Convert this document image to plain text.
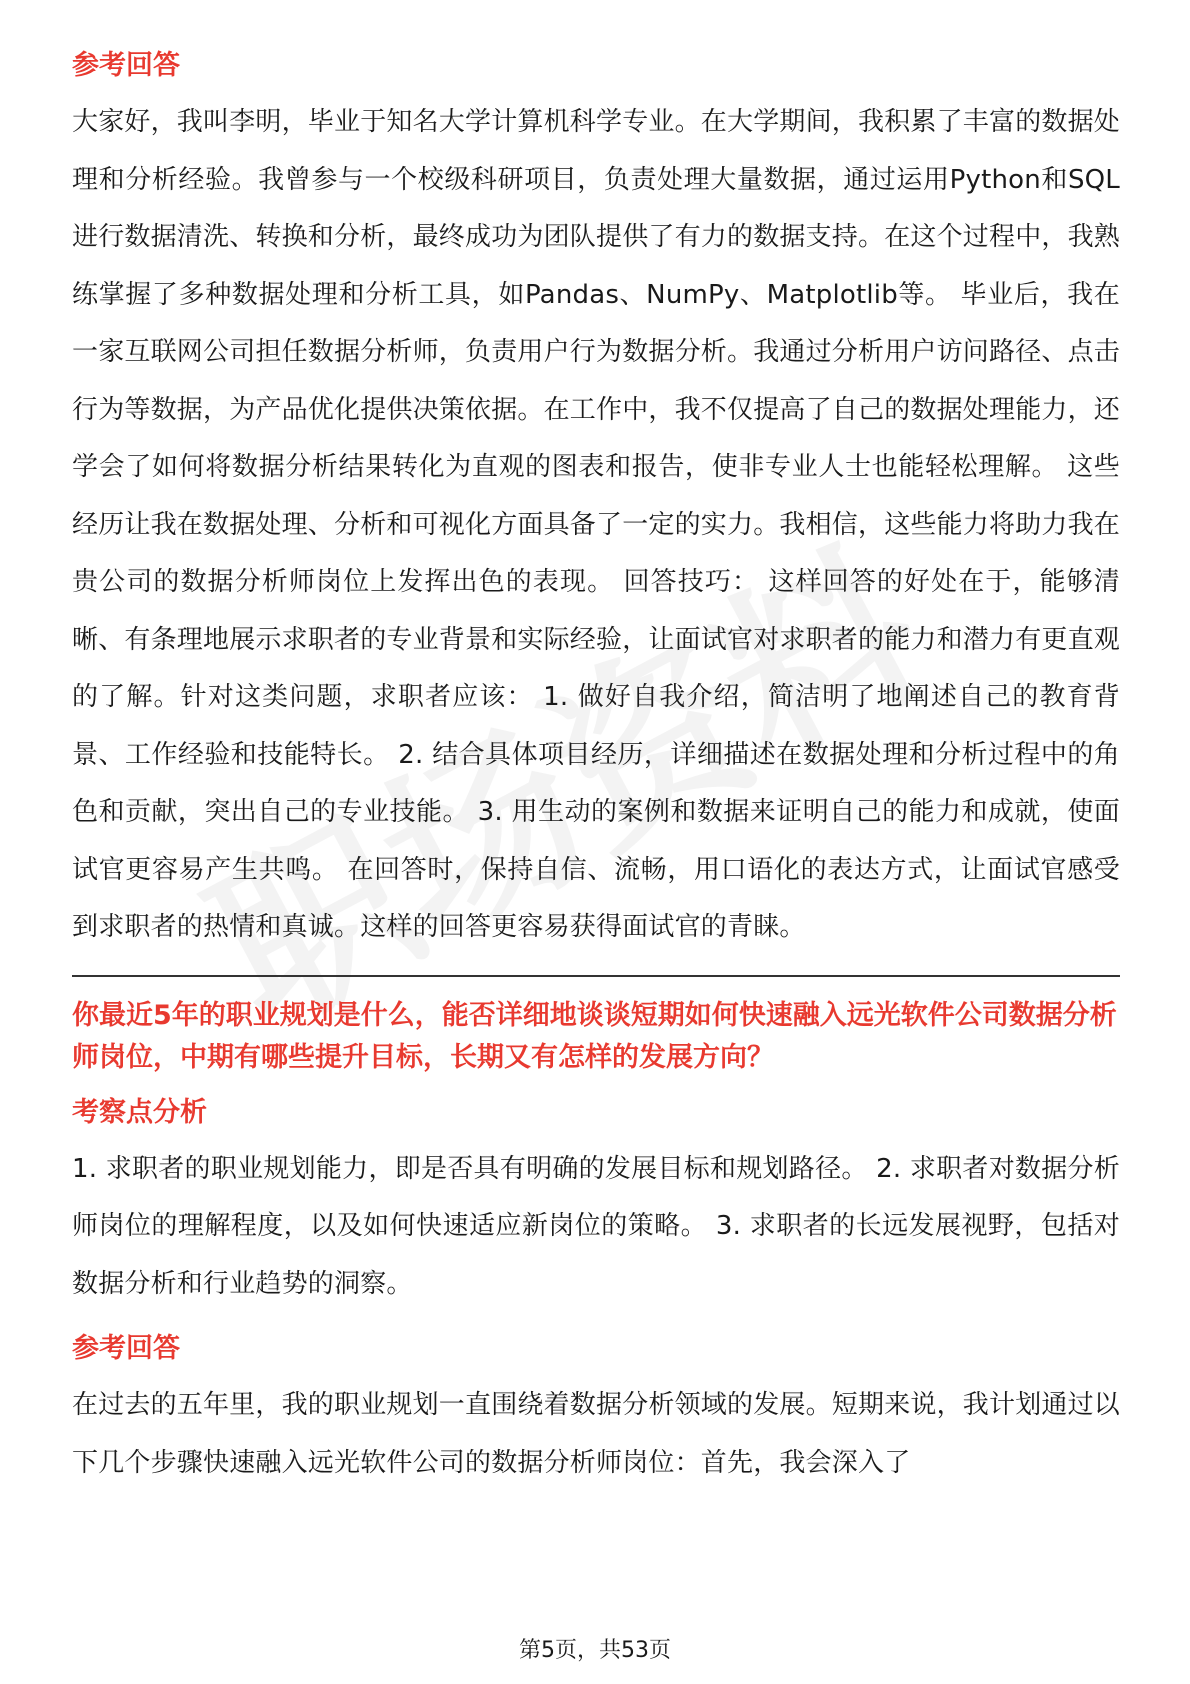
参考回答

大家好，我叫李明，毕业于知名大学计算机科学专业。在大学期间，我积累了丰富的数据处理和分析经验。我曾参与一个校级科研项目，负责处理大量数据，通过运用Python和SQL进行数据清洗、转换和分析，最终成功为团队提供了有力的数据支持。在这个过程中，我熟练掌握了多种数据处理和分析工具，如Pandas、NumPy、Matplotlib等。 毕业后，我在一家互联网公司担任数据分析师，负责用户行为数据分析。我通过分析用户访问路径、点击行为等数据，为产品优化提供决策依据。在工作中，我不仅提高了自己的数据处理能力，还学会了如何将数据分析结果转化为直观的图表和报告，使非专业人士也能轻松理解。 这些经历让我在数据处理、分析和可视化方面具备了一定的实力。我相信，这些能力将助力我在贵公司的数据分析师岗位上发挥出色的表现。 回答技巧： 这样回答的好处在于，能够清晰、有条理地展示求职者的专业背景和实际经验，让面试官对求职者的能力和潜力有更直观的了解。针对这类问题，求职者应该： 1. 做好自我介绍，简洁明了地阐述自己的教育背景、工作经验和技能特长。 2. 结合具体项目经历，详细描述在数据处理和分析过程中的角色和贡献，突出自己的专业技能。 3. 用生动的案例和数据来证明自己的能力和成就，使面试官更容易产生共鸣。 在回答时，保持自信、流畅，用口语化的表达方式，让面试官感受到求职者的热情和真诚。这样的回答更容易获得面试官的青睐。

你最近5年的职业规划是什么，能否详细地谈谈短期如何快速融入远光软件公司数据分析师岗位，中期有哪些提升目标，长期又有怎样的发展方向？

考察点分析

1. 求职者的职业规划能力，即是否具有明确的发展目标和规划路径。 2. 求职者对数据分析师岗位的理解程度，以及如何快速适应新岗位的策略。 3. 求职者的长远发展视野，包括对数据分析和行业趋势的洞察。

参考回答

在过去的五年里，我的职业规划一直围绕着数据分析领域的发展。短期来说，我计划通过以下几个步骤快速融入远光软件公司的数据分析师岗位：首先，我会深入了

第5页，共53页
